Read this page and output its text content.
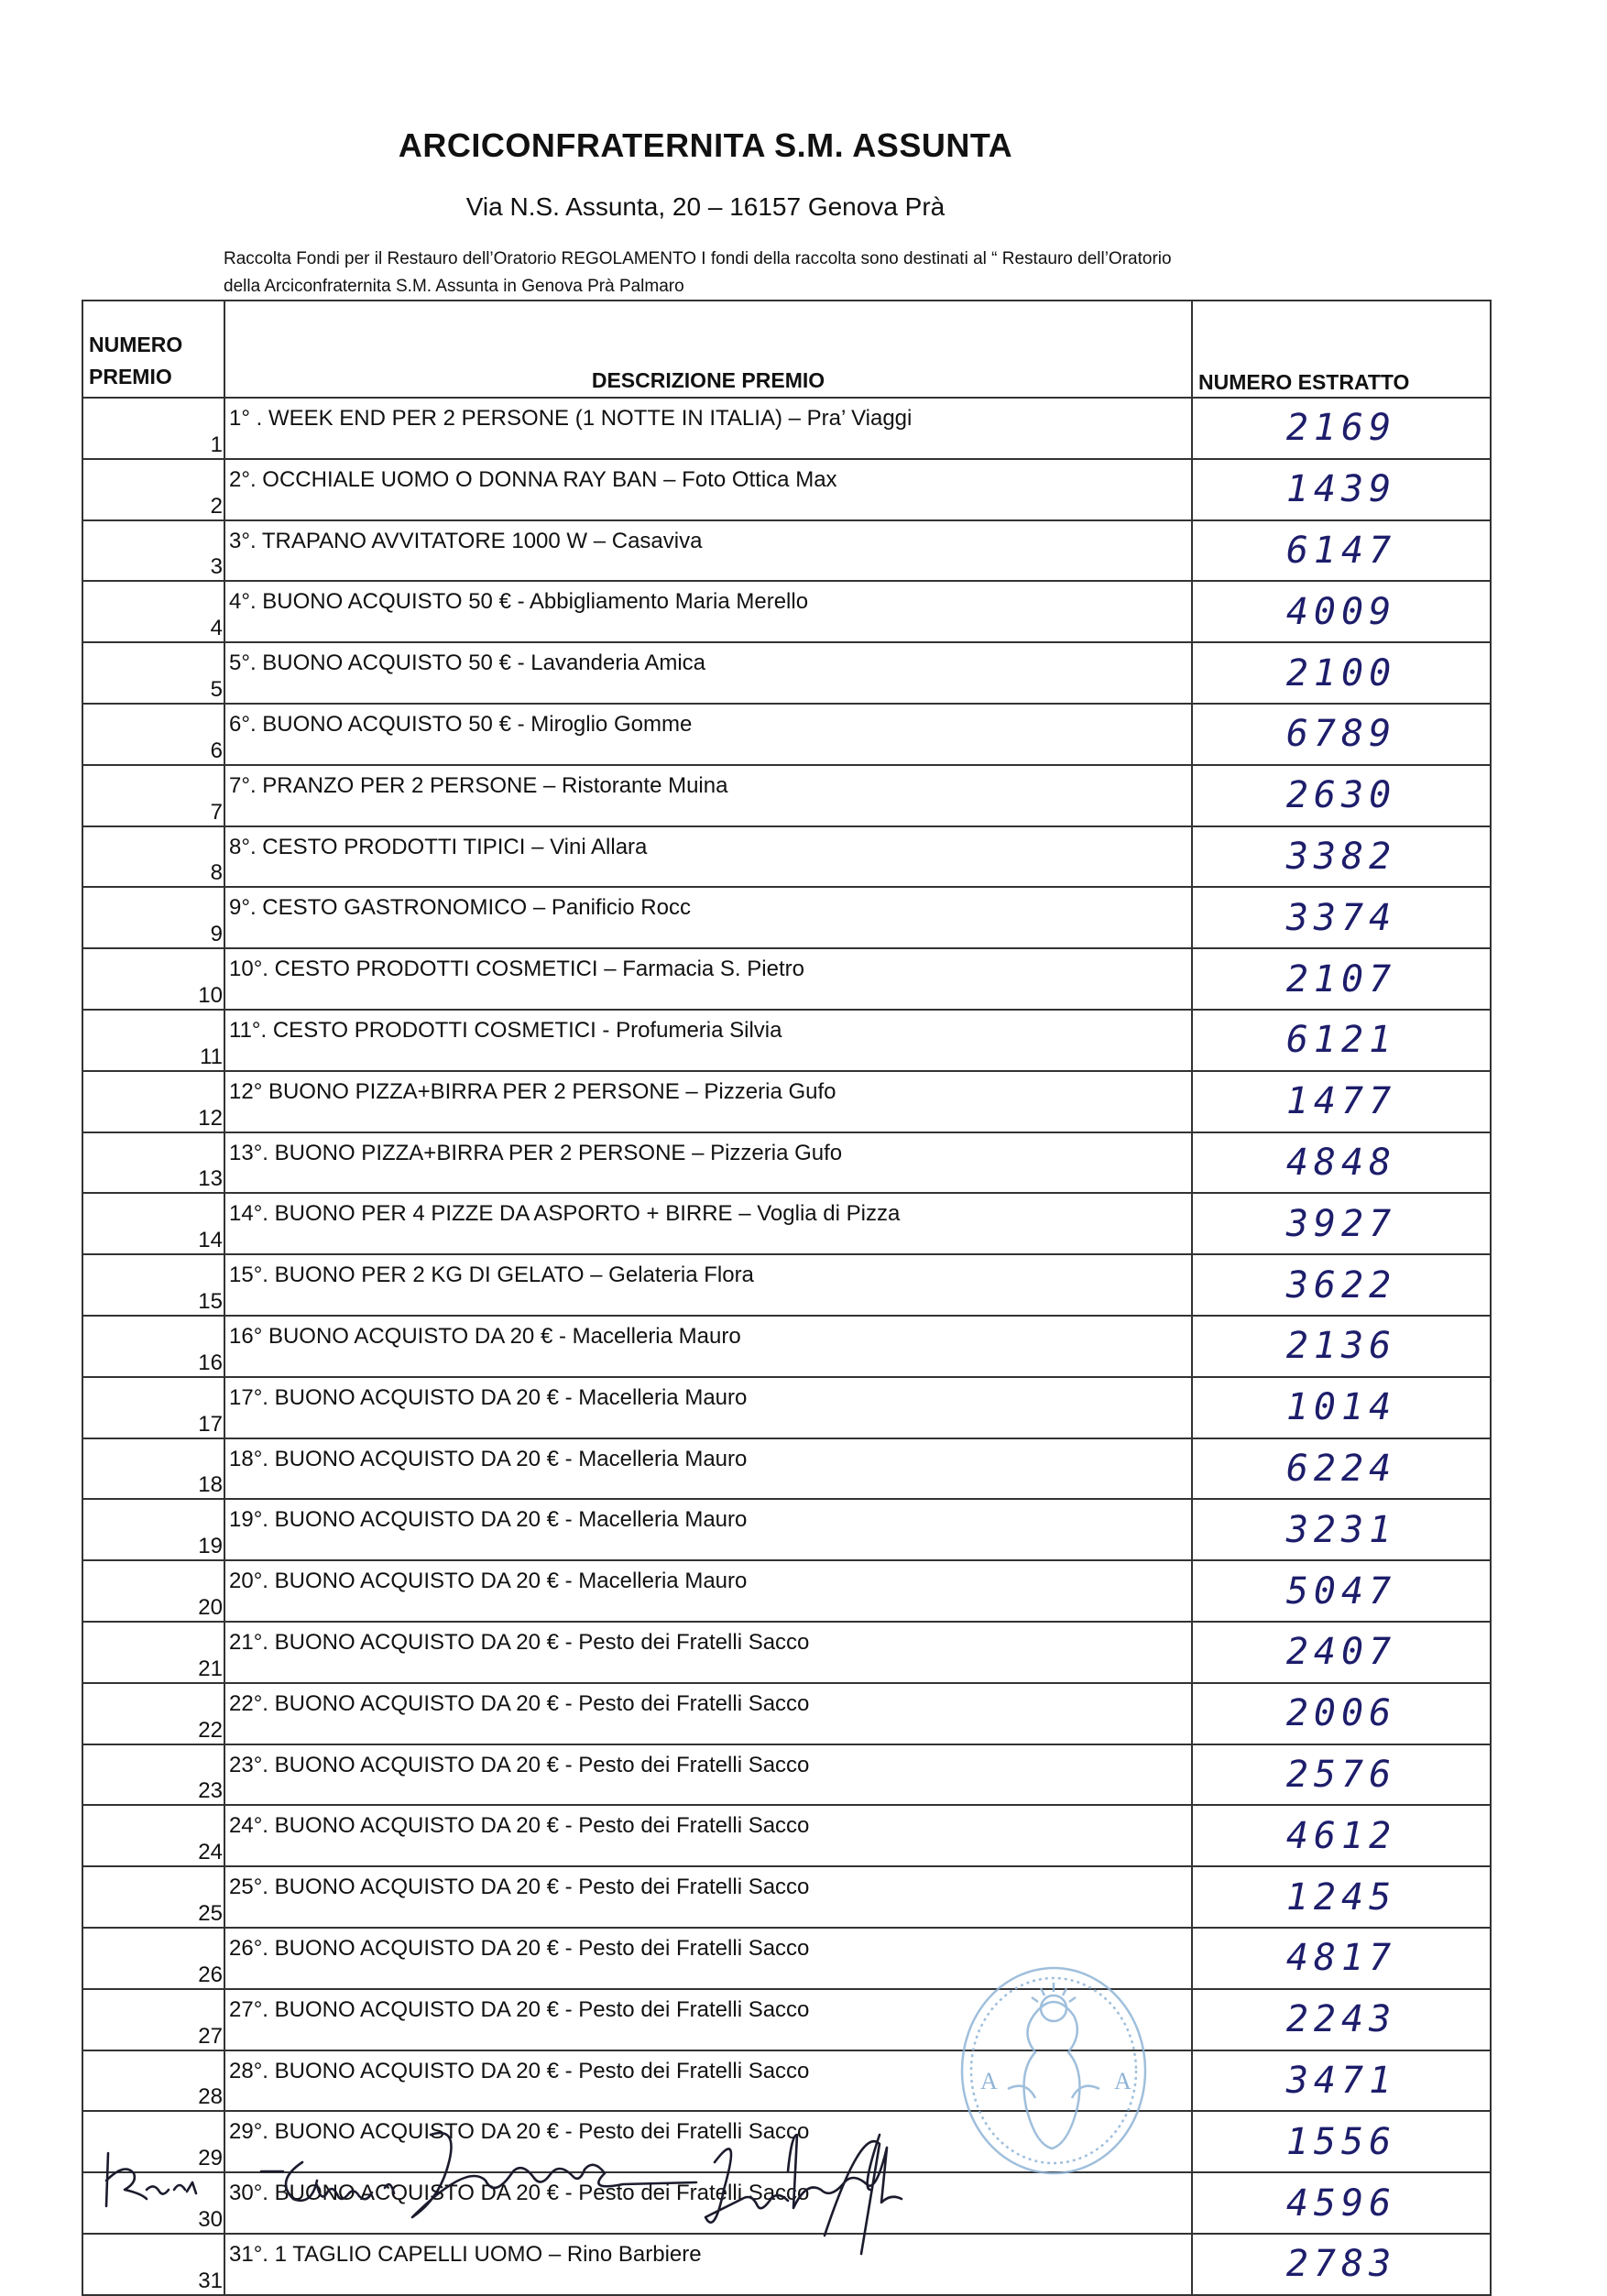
ARCICONFRATERNITA S.M. ASSUNTA
Via N.S. Assunta, 20 – 16157 Genova Prà
Raccolta Fondi per il Restauro dell’Oratorio REGOLAMENTO I fondi della raccolta sono destinati al “ Restauro dell’Oratorio della Arciconfraternita S.M. Assunta in Genova Prà Palmaro
NUMERO
PREMIO	DESCRIZIONE PREMIO	NUMERO ESTRATTO
1	1° . WEEK END PER 2 PERSONE (1 NOTTE IN ITALIA) – Pra’ Viaggi	2169
2	2°. OCCHIALE UOMO O DONNA RAY BAN – Foto Ottica Max	1439
3	3°. TRAPANO AVVITATORE 1000 W – Casaviva	6147
4	4°. BUONO ACQUISTO 50 € - Abbigliamento Maria Merello	4009
5	5°. BUONO ACQUISTO 50 € - Lavanderia Amica	2100
6	6°. BUONO ACQUISTO 50 € - Miroglio Gomme	6789
7	7°. PRANZO PER 2 PERSONE – Ristorante Muina	2630
8	8°. CESTO PRODOTTI TIPICI – Vini Allara	3382
9	9°. CESTO GASTRONOMICO – Panificio Rocc	3374
10	10°. CESTO PRODOTTI COSMETICI – Farmacia S. Pietro	2107
11	11°. CESTO PRODOTTI COSMETICI - Profumeria Silvia	6121
12	12° BUONO PIZZA+BIRRA PER 2 PERSONE – Pizzeria Gufo	1477
13	13°. BUONO PIZZA+BIRRA PER 2 PERSONE – Pizzeria Gufo	4848
14	14°. BUONO PER 4 PIZZE DA ASPORTO + BIRRE – Voglia di Pizza	3927
15	15°. BUONO PER 2 KG DI GELATO – Gelateria Flora	3622
16	16° BUONO ACQUISTO DA 20 € - Macelleria Mauro	2136
17	17°. BUONO ACQUISTO DA 20 € - Macelleria Mauro	1014
18	18°. BUONO ACQUISTO DA 20 € - Macelleria Mauro	6224
19	19°. BUONO ACQUISTO DA 20 € - Macelleria Mauro	3231
20	20°. BUONO ACQUISTO DA 20 € - Macelleria Mauro	5047
21	21°. BUONO ACQUISTO DA 20 € - Pesto dei Fratelli Sacco	2407
22	22°. BUONO ACQUISTO DA 20 € - Pesto dei Fratelli Sacco	2006
23	23°. BUONO ACQUISTO DA 20 € - Pesto dei Fratelli Sacco	2576
24	24°. BUONO ACQUISTO DA 20 € - Pesto dei Fratelli Sacco	4612
25	25°. BUONO ACQUISTO DA 20 € - Pesto dei Fratelli Sacco	1245
26	26°. BUONO ACQUISTO DA 20 € - Pesto dei Fratelli Sacco	4817
27	27°. BUONO ACQUISTO DA 20 € - Pesto dei Fratelli Sacco	2243
28	28°. BUONO ACQUISTO DA 20 € - Pesto dei Fratelli Sacco	3471
29	29°. BUONO ACQUISTO DA 20 € - Pesto dei Fratelli Sacco	1556
30	30°. BUONO ACQUISTO DA 20 € - Pesto dei Fratelli Sacco	4596
31	31°. 1 TAGLIO CAPELLI UOMO – Rino Barbiere	2783
A	A
